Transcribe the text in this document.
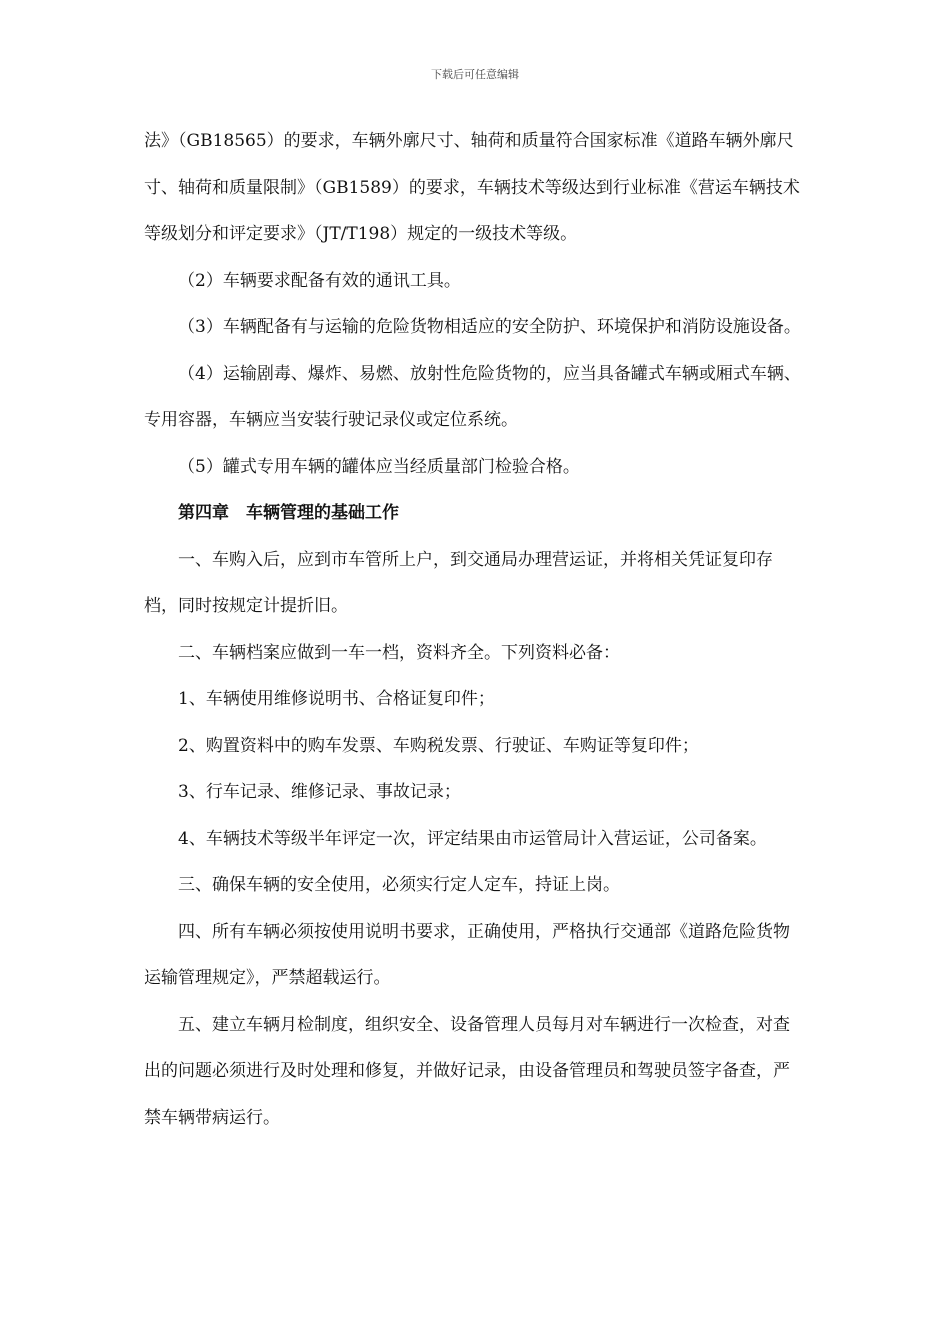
下载后可任意编辑

法》（GB18565）的要求，车辆外廓尺寸、轴荷和质量符合国家标准《道路车辆外廓尺寸、轴荷和质量限制》（GB1589）的要求，车辆技术等级达到行业标准《营运车辆技术等级划分和评定要求》（JT/T198）规定的一级技术等级。

（2）车辆要求配备有效的通讯工具。

（3）车辆配备有与运输的危险货物相适应的安全防护、环境保护和消防设施设备。

（4）运输剧毒、爆炸、易燃、放射性危险货物的，应当具备罐式车辆或厢式车辆、专用容器，车辆应当安装行驶记录仪或定位系统。

（5）罐式专用车辆的罐体应当经质量部门检验合格。

第四章　车辆管理的基础工作

一、车购入后，应到市车管所上户，到交通局办理营运证，并将相关凭证复印存档，同时按规定计提折旧。

二、车辆档案应做到一车一档，资料齐全。下列资料必备：

1、车辆使用维修说明书、合格证复印件；

2、购置资料中的购车发票、车购税发票、行驶证、车购证等复印件；

3、行车记录、维修记录、事故记录；

4、车辆技术等级半年评定一次，评定结果由市运管局计入营运证，公司备案。

三、确保车辆的安全使用，必须实行定人定车，持证上岗。

四、所有车辆必须按使用说明书要求，正确使用，严格执行交通部《道路危险货物运输管理规定》，严禁超载运行。

五、建立车辆月检制度，组织安全、设备管理人员每月对车辆进行一次检查，对查出的问题必须进行及时处理和修复，并做好记录，由设备管理员和驾驶员签字备查，严禁车辆带病运行。
